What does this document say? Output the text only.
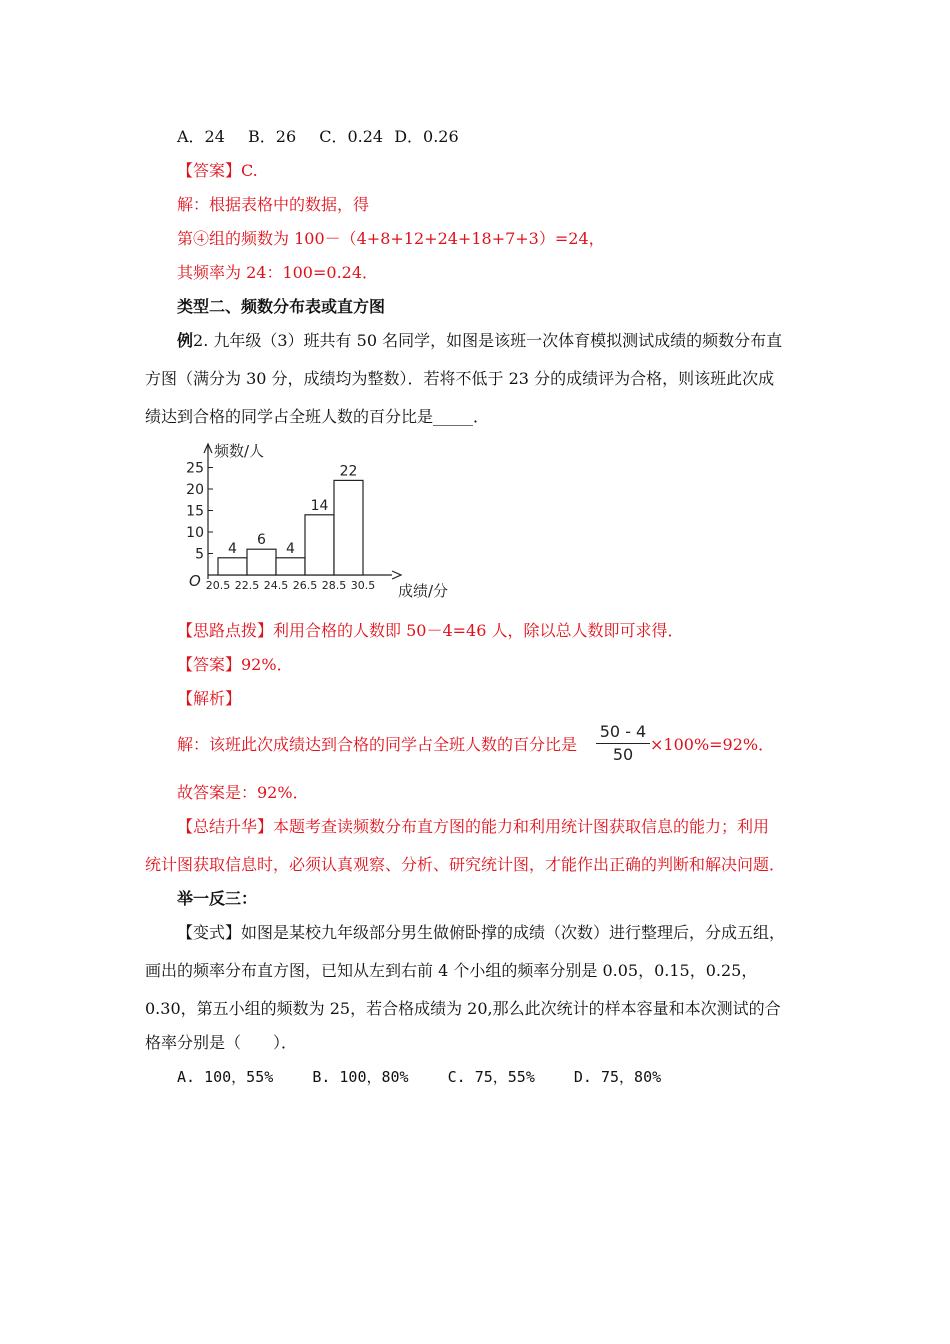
A．24 B．26 C．0.24 D．0.26
【答案】C.
解：根据表格中的数据，得
第④组的频数为 100－（4+8+12+24+18+7+3）=24，
其频率为 24：100=0.24．
类型二、频数分布表或直方图
例2. 九年级（3）班共有 50 名同学，如图是该班一次体育模拟测试成绩的频数分布直
方图（满分为 30 分，成绩均为整数）．若将不低于 23 分的成绩评为合格，则该班此次成
绩达到合格的同学占全班人数的百分比是_____．
频数/人
成绩/分
O
5
10
15
20
25
4
6
4
14
22
20.5 22.5 24.5 26.5 28.5 30.5
【思路点拨】利用合格的人数即 50－4=46 人，除以总人数即可求得．
【答案】92%．
【解析】
解：该班此次成绩达到合格的同学占全班人数的百分比是
50 - 4
50
×100%=92%．
故答案是：92%．
【总结升华】本题考查读频数分布直方图的能力和利用统计图获取信息的能力；利用
统计图获取信息时，必须认真观察、分析、研究统计图，才能作出正确的判断和解决问题．
举一反三：
【变式】如图是某校九年级部分男生做俯卧撑的成绩（次数）进行整理后，分成五组，
画出的频率分布直方图，已知从左到右前 4 个小组的频率分别是 0.05，0.15，0.25，
0.30，第五小组的频数为 25，若合格成绩为 20,那么此次统计的样本容量和本次测试的合
格率分别是（　　）．
A. 100，55%	B. 100，80%	C. 75，55%	D. 75，80%
